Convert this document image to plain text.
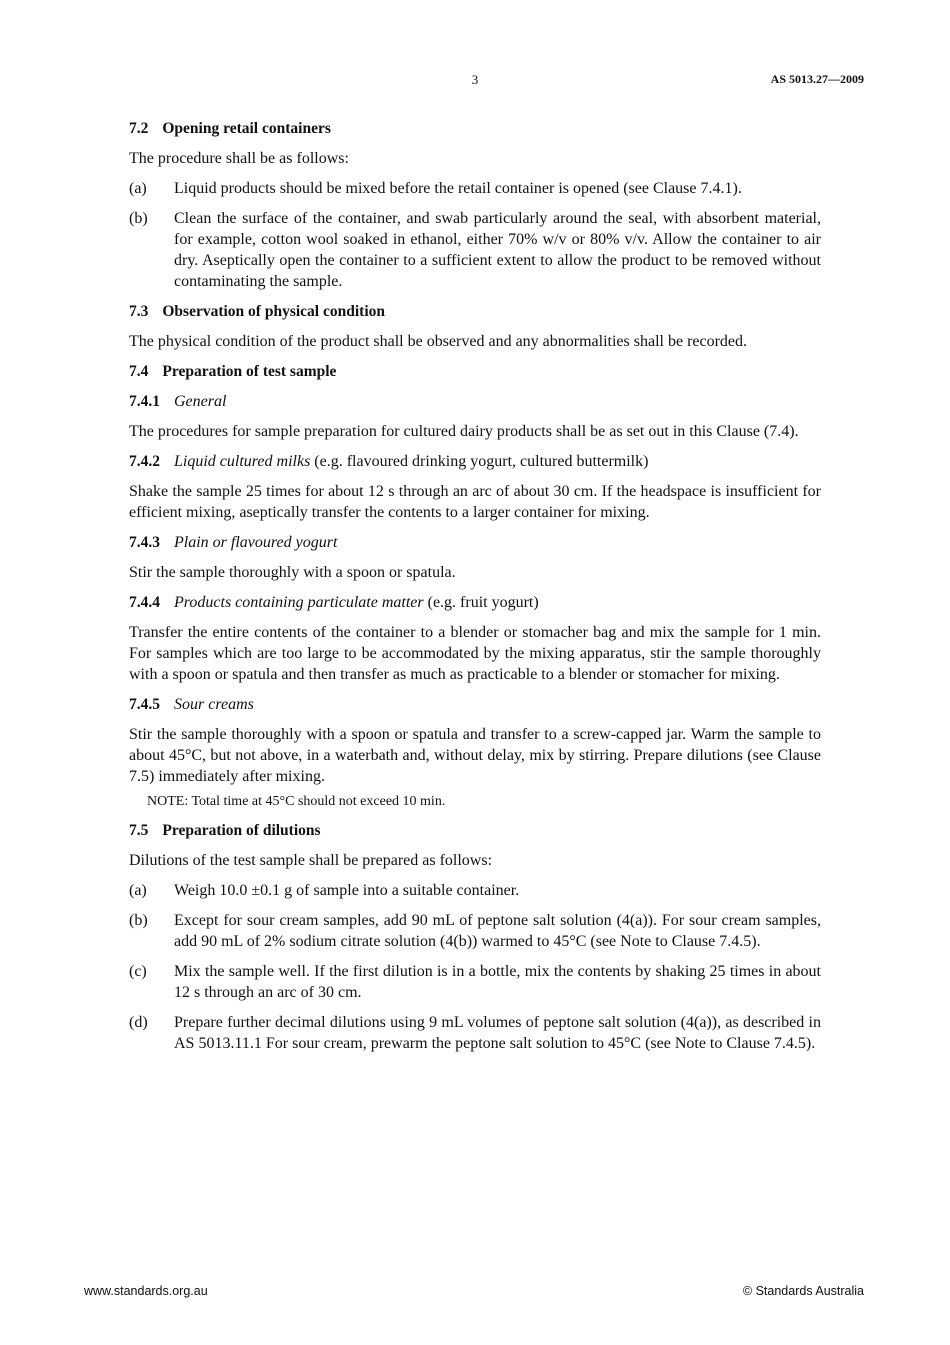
3	AS 5013.27—2009
7.2 Opening retail containers

The procedure shall be as follows:

(a) Liquid products should be mixed before the retail container is opened (see Clause 7.4.1).
(b) Clean the surface of the container, and swab particularly around the seal, with absorbent material, for example, cotton wool soaked in ethanol, either 70% w/v or 80% v/v. Allow the container to air dry. Aseptically open the container to a sufficient extent to allow the product to be removed without contaminating the sample.
7.3 Observation of physical condition

The physical condition of the product shall be observed and any abnormalities shall be recorded.

7.4 Preparation of test sample
7.4.1 General

The procedures for sample preparation for cultured dairy products shall be as set out in this Clause (7.4).

7.4.2 Liquid cultured milks (e.g. flavoured drinking yogurt, cultured buttermilk)

Shake the sample 25 times for about 12 s through an arc of about 30 cm. If the headspace is insufficient for efficient mixing, aseptically transfer the contents to a larger container for mixing.

7.4.3 Plain or flavoured yogurt

Stir the sample thoroughly with a spoon or spatula.

7.4.4 Products containing particulate matter (e.g. fruit yogurt)

Transfer the entire contents of the container to a blender or stomacher bag and mix the sample for 1 min. For samples which are too large to be accommodated by the mixing apparatus, stir the sample thoroughly with a spoon or spatula and then transfer as much as practicable to a blender or stomacher for mixing.

7.4.5 Sour creams

Stir the sample thoroughly with a spoon or spatula and transfer to a screw-capped jar. Warm the sample to about 45°C, but not above, in a waterbath and, without delay, mix by stirring. Prepare dilutions (see Clause 7.5) immediately after mixing.

NOTE: Total time at 45°C should not exceed 10 min.

7.5 Preparation of dilutions

Dilutions of the test sample shall be prepared as follows:

(a) Weigh 10.0 ±0.1 g of sample into a suitable container.
(b) Except for sour cream samples, add 90 mL of peptone salt solution (4(a)). For sour cream samples, add 90 mL of 2% sodium citrate solution (4(b)) warmed to 45°C (see Note to Clause 7.4.5).
(c) Mix the sample well. If the first dilution is in a bottle, mix the contents by shaking 25 times in about 12 s through an arc of 30 cm.
(d) Prepare further decimal dilutions using 9 mL volumes of peptone salt solution (4(a)), as described in AS 5013.11.1 For sour cream, prewarm the peptone salt solution to 45°C (see Note to Clause 7.4.5).
www.standards.org.au	© Standards Australia
